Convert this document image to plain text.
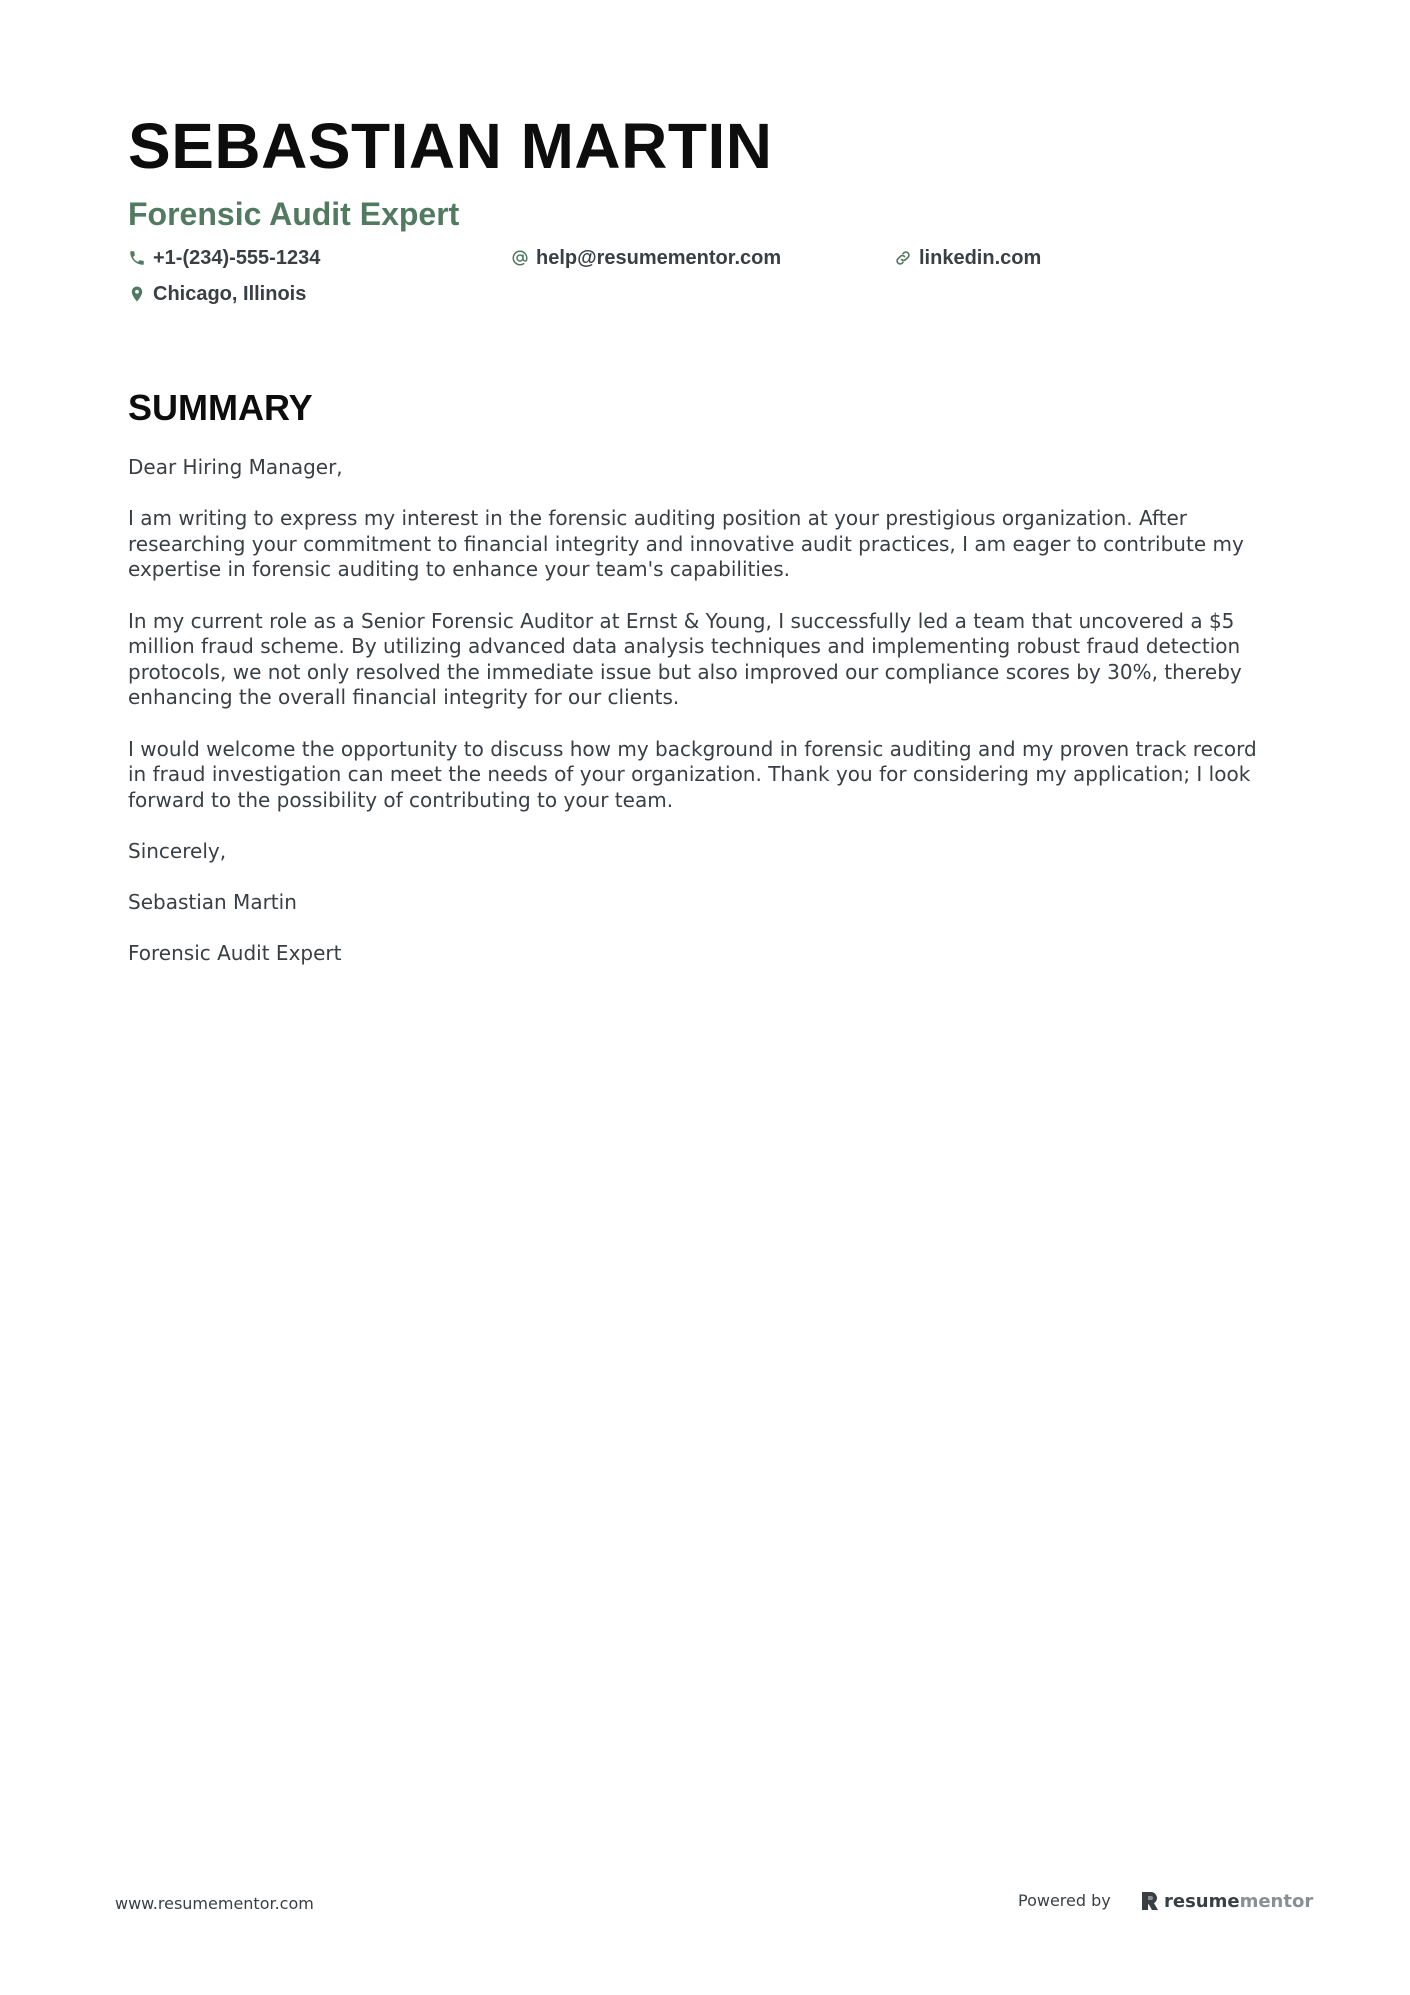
SEBASTIAN MARTIN
Forensic Audit Expert
+1-(234)-555-1234	help@resumementor.com	linkedin.com
Chicago, Illinois
SUMMARY

Dear Hiring Manager,

I am writing to express my interest in the forensic auditing position at your prestigious organization. After researching your commitment to financial integrity and innovative audit practices, I am eager to contribute my expertise in forensic auditing to enhance your team's capabilities.

In my current role as a Senior Forensic Auditor at Ernst & Young, I successfully led a team that uncovered a $5 million fraud scheme. By utilizing advanced data analysis techniques and implementing robust fraud detection protocols, we not only resolved the immediate issue but also improved our compliance scores by 30%, thereby enhancing the overall financial integrity for our clients.

I would welcome the opportunity to discuss how my background in forensic auditing and my proven track record in fraud investigation can meet the needs of your organization. Thank you for considering my application; I look forward to the possibility of contributing to your team.

Sincerely,

Sebastian Martin

Forensic Audit Expert

www.resumementor.com	Powered by	resume mentor
